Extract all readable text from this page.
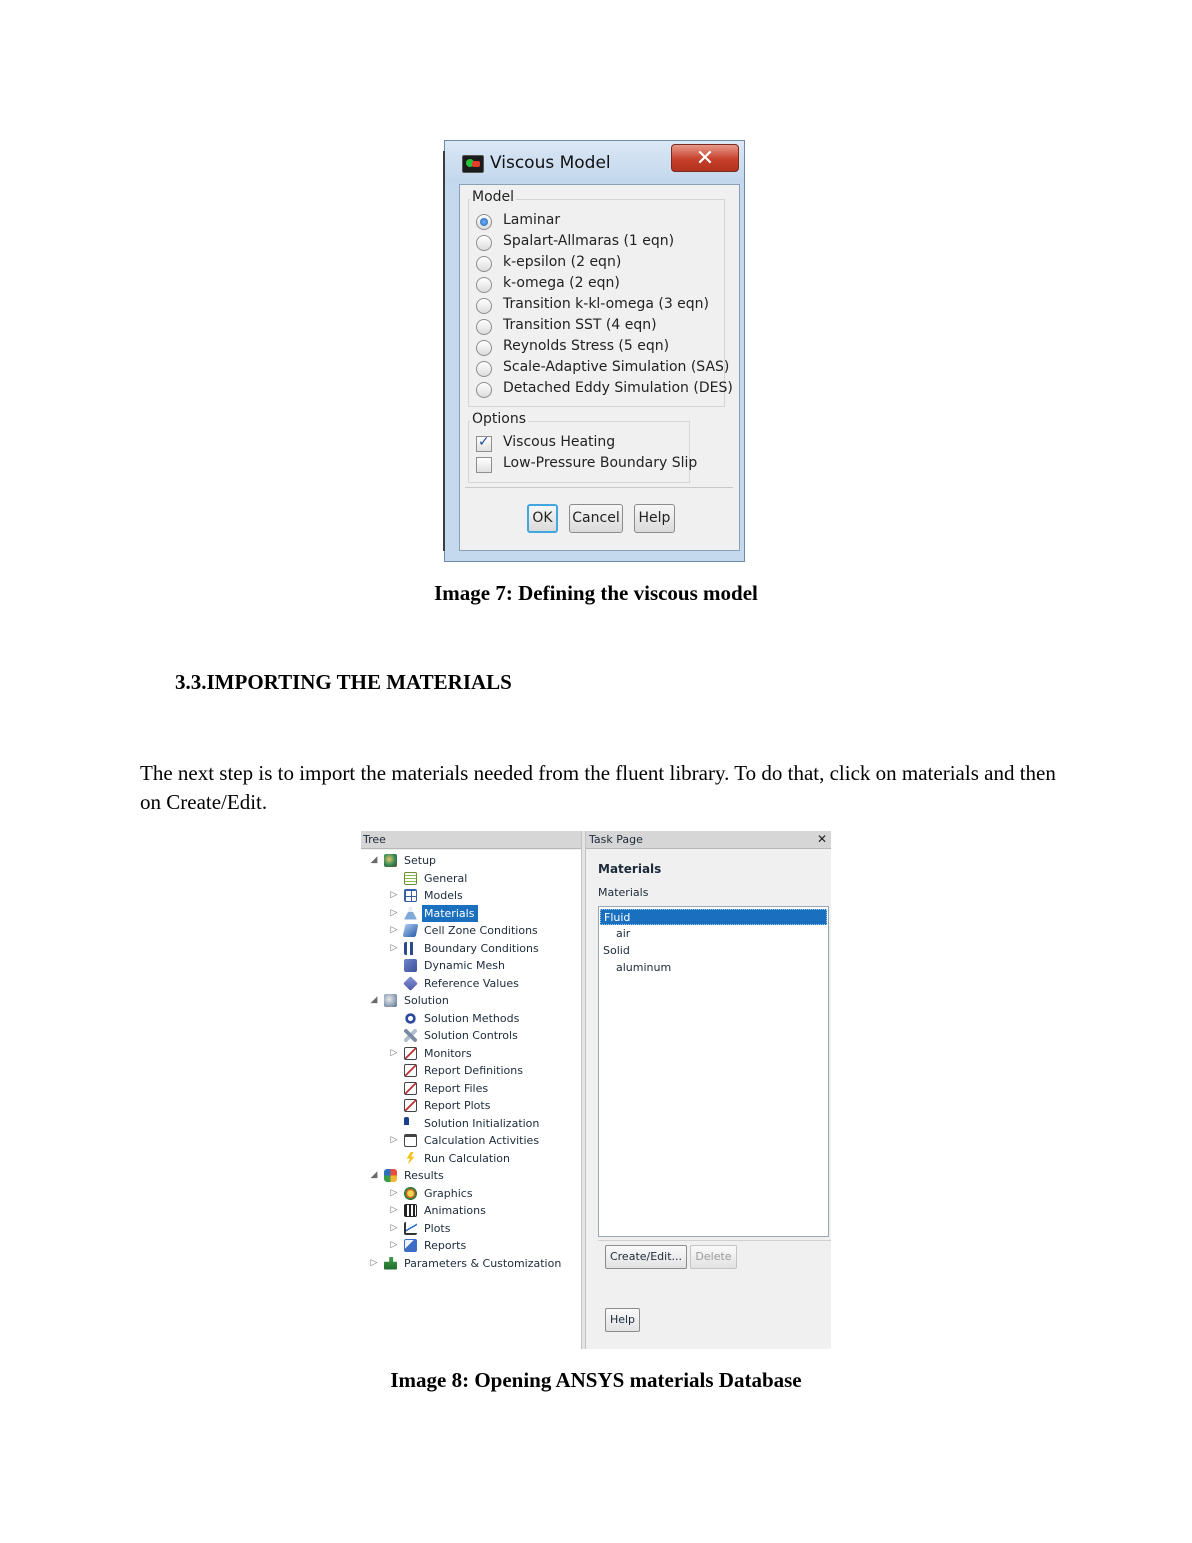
Viscous Model	✕
Model
Laminar
Spalart-Allmaras (1 eqn)
k-epsilon (2 eqn)
k-omega (2 eqn)
Transition k-kl-omega (3 eqn)
Transition SST (4 eqn)
Reynolds Stress (5 eqn)
Scale-Adaptive Simulation (SAS)
Detached Eddy Simulation (DES)
Options
✓
Viscous Heating
Low-Pressure Boundary Slip
OK	Cancel	Help
Image 7: Defining the viscous model
3.3.IMPORTING THE MATERIALS
The next step is to import the materials needed from the fluent library. To do that, click on materials and then on Create/Edit.
Tree
◢ Setup
General
▷ Models
▷ Materials
▷ Cell Zone Conditions
▷ Boundary Conditions
Dynamic Mesh
Reference Values
◢ Solution
Solution Methods
Solution Controls
▷ Monitors
Report Definitions
Report Files
Report Plots
Solution Initialization
▷ Calculation Activities
Run Calculation
◢ Results
▷ Graphics
▷ Animations
▷ Plots
▷ Reports
▷ Parameters & Customization
Task Page	✕
Materials
Materials
Fluid
air
Solid
aluminum
Create/Edit...	Delete
Help
Image 8: Opening ANSYS materials Database
